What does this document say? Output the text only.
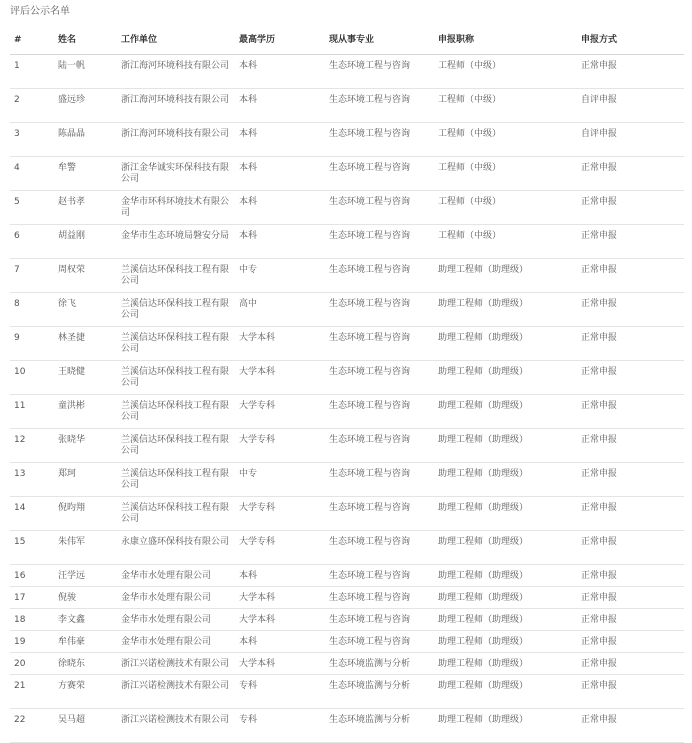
评后公示名单
#	姓名	工作单位	最高学历	现从事专业	申报职称	申报方式
1	陆一帆	浙江海河环境科技有限公司	本科	生态环境工程与咨询	工程师（中级）	正常申报
2	盛远珍	浙江海河环境科技有限公司	本科	生态环境工程与咨询	工程师（中级）	自评申报
3	陈晶晶	浙江海河环境科技有限公司	本科	生态环境工程与咨询	工程师（中级）	自评申报
4	牟警	浙江金华诚实环保科技有限公司	本科	生态环境工程与咨询	工程师（中级）	正常申报
5	赵书孝	金华市环科环境技术有限公司	本科	生态环境工程与咨询	工程师（中级）	正常申报
6	胡益刚	金华市生态环境局磐安分局	本科	生态环境工程与咨询	工程师（中级）	正常申报
7	周权荣	兰溪信达环保科技工程有限公司	中专	生态环境工程与咨询	助理工程师（助理级）	正常申报
8	徐飞	兰溪信达环保科技工程有限公司	高中	生态环境工程与咨询	助理工程师（助理级）	正常申报
9	林圣捷	兰溪信达环保科技工程有限公司	大学本科	生态环境工程与咨询	助理工程师（助理级）	正常申报
10	王晓健	兰溪信达环保科技工程有限公司	大学本科	生态环境工程与咨询	助理工程师（助理级）	正常申报
11	童洪彬	兰溪信达环保科技工程有限公司	大学专科	生态环境工程与咨询	助理工程师（助理级）	正常申报
12	张晓华	兰溪信达环保科技工程有限公司	大学专科	生态环境工程与咨询	助理工程师（助理级）	正常申报
13	郑珂	兰溪信达环保科技工程有限公司	中专	生态环境工程与咨询	助理工程师（助理级）	正常申报
14	倪昀翔	兰溪信达环保科技工程有限公司	大学专科	生态环境工程与咨询	助理工程师（助理级）	正常申报
15	朱伟军	永康立盛环保科技有限公司	大学专科	生态环境工程与咨询	助理工程师（助理级）	正常申报
16	汪学远	金华市水处理有限公司	本科	生态环境工程与咨询	助理工程师（助理级）	正常申报
17	倪骏	金华市水处理有限公司	大学本科	生态环境工程与咨询	助理工程师（助理级）	正常申报
18	李文鑫	金华市水处理有限公司	大学本科	生态环境工程与咨询	助理工程师（助理级）	正常申报
19	牟伟豪	金华市水处理有限公司	本科	生态环境工程与咨询	助理工程师（助理级）	正常申报
20	徐晓东	浙江兴诺检测技术有限公司	大学本科	生态环境监测与分析	助理工程师（助理级）	正常申报
21	方赛荣	浙江兴诺检测技术有限公司	专科	生态环境监测与分析	助理工程师（助理级）	正常申报
22	吴马超	浙江兴诺检测技术有限公司	专科	生态环境监测与分析	助理工程师（助理级）	正常申报
